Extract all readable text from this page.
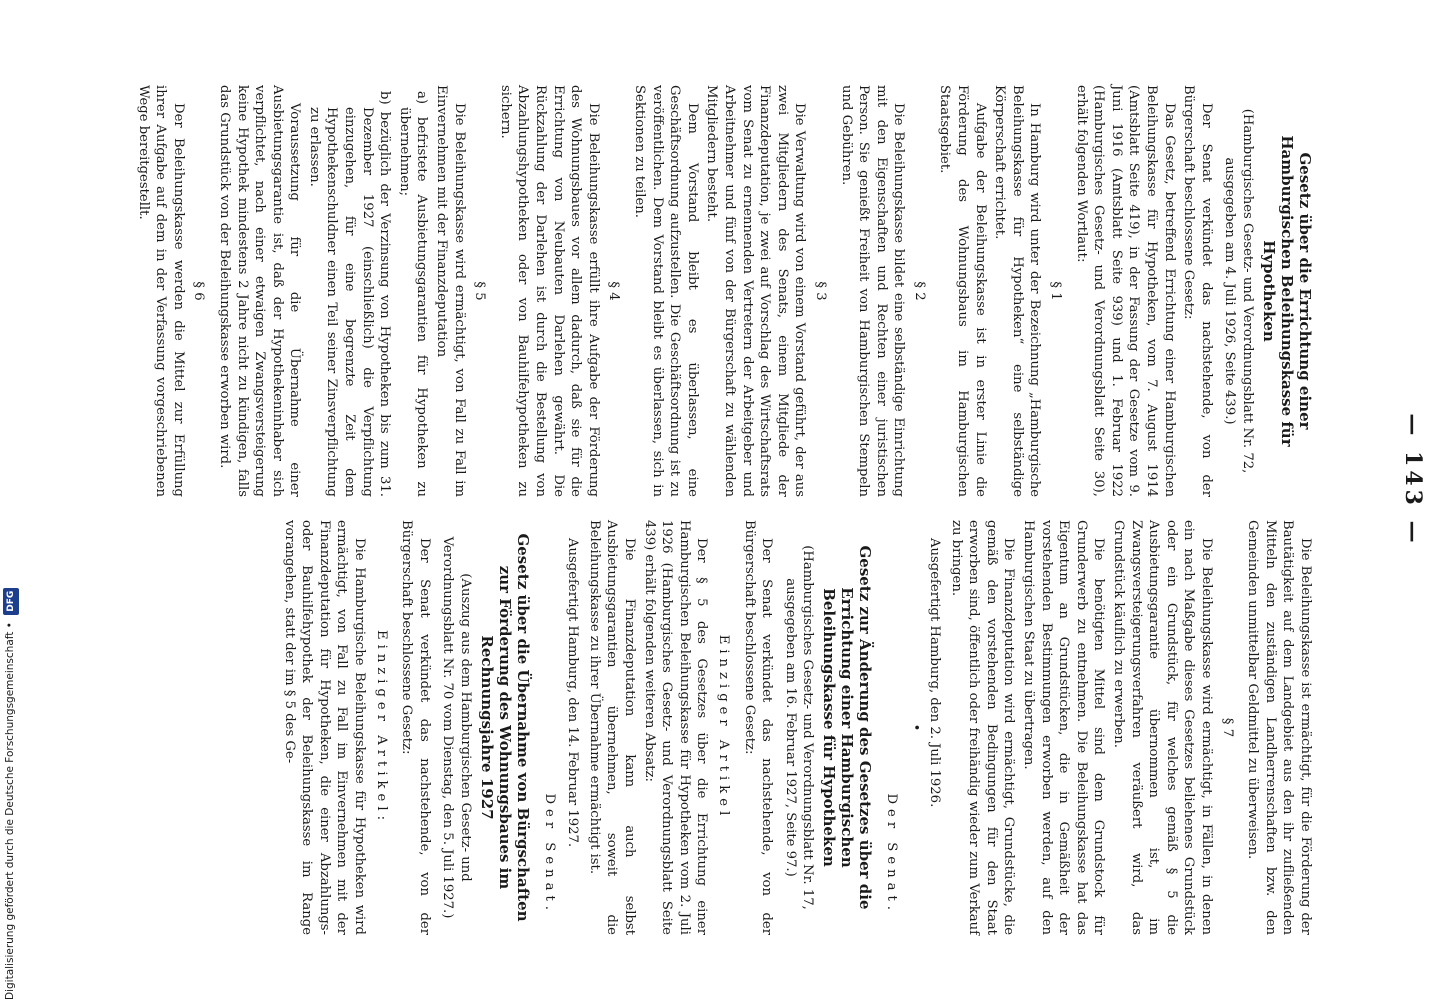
— 143 —
Gesetz über die Errichtung einer Hamburgischen Beleihungskasse für Hypotheken
(Hamburgisches Gesetz- und Verordnungsblatt Nr. 72, ausgegeben am 4. Juli 1926, Seite 439.)

Der Senat verkündet das nachstehende, von der Bürgerschaft beschlossene Gesetz:

Das Gesetz, betreffend Errichtung einer Hamburgischen Beleihungskasse für Hypotheken, vom 7. August 1914 (Amtsblatt Seite 419), in der Fassung der Gesetze vom 9. Juni 1916 (Amtsblatt Seite 939) und 1. Februar 1922 (Hamburgisches Gesetz- und Verordnungsblatt Seite 30), erhält folgenden Wortlaut:

§ 1

In Hamburg wird unter der Bezeichnung „Hamburgische Beleihungskasse für Hypotheken“ eine selbständige Körperschaft errichtet.

Aufgabe der Beleihungskasse ist in erster Linie die Förderung des Wohnungsbaus im Hamburgischen Staatsgebiet.

§ 2

Die Beleihungskasse bildet eine selbständige Einrichtung mit den Eigenschaften und Rechten einer juristischen Person. Sie genießt Freiheit von Hamburgischen Stempeln und Gebühren.

§ 3

Die Verwaltung wird von einem Vorstand geführt, der aus zwei Mitgliedern des Senats, einem Mitgliede der Finanzdeputation, je zwei auf Vorschlag des Wirtschaftsrats vom Senat zu ernennenden Vertretern der Arbeitgeber und Arbeitnehmer und fünf von der Bürgerschaft zu wählenden Mitgliedern besteht.

Dem Vorstand bleibt es überlassen, eine Geschäftsordnung aufzustellen. Die Geschäftsordnung ist zu veröffentlichen. Dem Vorstand bleibt es überlassen, sich in Sektionen zu teilen.

§ 4

Die Beleihungskasse erfüllt ihre Aufgabe der Förderung des Wohnungsbaues vor allem dadurch, daß sie für die Errichtung von Neubauten Darlehen gewährt. Die Rückzahlung der Darlehen ist durch die Bestellung von Abzahlungshypotheken oder von Bauhilfehypotheken zu sichern.

§ 5

Die Beleihungskasse wird ermächtigt, von Fall zu Fall im Einvernehmen mit der Finanzdeputation

a) befristete Ausbietungsgarantien für Hypotheken zu übernehmen;

b) bezüglich der Verzinsung von Hypotheken bis zum 31. Dezember 1927 (einschließlich) die Verpflichtung einzugehen, für eine begrenzte Zeit dem Hypothekenschuldner einen Teil seiner Zinsverpflichtung zu erlassen.

Voraussetzung für die Übernahme einer Ausbietungsgarantie ist, daß der Hypothekeninhaber sich verpflichtet, nach einer etwaigen Zwangsversteigerung keine Hypothek mindestens 2 Jahre nicht zu kündigen, falls das Grundstück von der Beleihungskasse erworben wird.

§ 6

Der Beleihungskasse werden die Mittel zur Erfüllung ihrer Aufgabe auf dem in der Verfassung vorgeschriebenen Wege bereitgestellt.

Die Beleihungskasse ist ermächtigt, für die Förderung der Bautätigkeit auf dem Landgebiet aus den ihr zufließenden Mitteln den zuständigen Landherrenschaften bzw. den Gemeinden unmittelbar Geldmittel zu überweisen.

§ 7

Die Beleihungskasse wird ermächtigt, in Fällen, in denen ein nach Maßgabe dieses Gesetzes beliehenes Grundstück oder ein Grundstück, für welches gemäß § 5 die Ausbietungsgarantie übernommen ist, im Zwangsversteigerungsverfahren veräußert wird, das Grundstück käuflich zu erwerben.

Die benötigten Mittel sind dem Grundstock für Grunderwerb zu entnehmen. Die Beleihungskasse hat das Eigentum an Grundstücken, die in Gemäßheit der vorstehenden Bestimmungen erworben werden, auf den Hamburgischen Staat zu übertragen.

Die Finanzdeputation wird ermächtigt, Grundstücke, die gemäß den vorstehenden Bedingungen für den Staat erworben sind, öffentlich oder freihändig wieder zum Verkauf zu bringen.

Ausgefertigt Hamburg, den 2. Juli 1926.

•
Der Senat.
Gesetz zur Änderung des Gesetzes über die Errichtung einer Hamburgischen Beleihungskasse für Hypotheken
(Hamburgisches Gesetz- und Verordnungsblatt Nr. 17, ausgegeben am 16. Februar 1927, Seite 97.)

Der Senat verkündet das nachstehende, von der Bürgerschaft beschlossene Gesetz:

Einziger Artikel

Der § 5 des Gesetzes über die Errichtung einer Hamburgischen Beleihungskasse für Hypotheken vom 2. Juli 1926 (Hamburgisches Gesetz- und Verordnungsblatt Seite 439) erhält folgenden weiteren Absatz:

Die Finanzdeputation kann auch selbst Ausbietungsgarantien übernehmen, soweit die Beleihungskasse zu ihrer Übernahme ermächtigt ist.

Ausgefertigt Hamburg, den 14. Februar 1927.

Der Senat.
Gesetz über die Übernahme von Bürgschaften zur Förderung des Wohnungsbaues im Rechnungsjahre 1927
(Auszug aus dem Hamburgischen Gesetz- und Verordnungsblatt Nr. 70 vom Dienstag, den 5. Juli 1927.)

Der Senat verkündet das nachstehende, von der Bürgerschaft beschlossene Gesetz:

Einziger Artikel:

Die Hamburgische Beleihungskasse für Hypotheken wird ermächtigt, von Fall zu Fall im Einvernehmen mit der Finanzdeputation für Hypotheken, die einer Abzahlungs- oder Bauhilfehypothek der Beleihungskasse im Range vorangehen, statt der im § 5 des Ge-

Digitalisierung gefördert durch die Deutsche Forschungsgemeinschaft • DFG
